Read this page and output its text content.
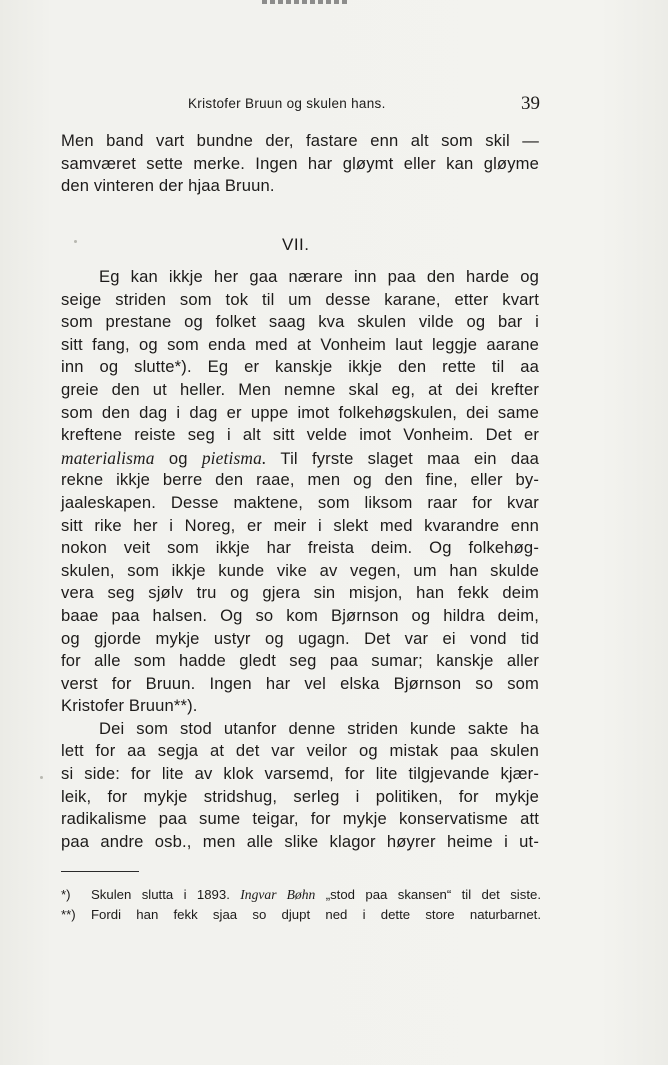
Kristofer Bruun og skulen hans.	39
Men band vart bundne der, fastare enn alt som skil —
samværet sette merke. Ingen har gløymt eller kan gløyme
den vinteren der hjaa Bruun.
VII.
Eg kan ikkje her gaa nærare inn paa den harde og
seige striden som tok til um desse karane, etter kvart
som prestane og folket saag kva skulen vilde og bar i
sitt fang, og som enda med at Vonheim laut leggje aarane
inn og slutte*). Eg er kanskje ikkje den rette til aa
greie den ut heller. Men nemne skal eg, at dei krefter
som den dag i dag er uppe imot folkehøgskulen, dei same
kreftene reiste seg i alt sitt velde imot Vonheim. Det er
materialisma og pietisma. Til fyrste slaget maa ein daa
rekne ikkje berre den raae, men og den fine, eller by-
jaaleskapen. Desse maktene, som liksom raar for kvar
sitt rike her i Noreg, er meir i slekt med kvarandre enn
nokon veit som ikkje har freista deim. Og folkehøg-
skulen, som ikkje kunde vike av vegen, um han skulde
vera seg sjølv tru og gjera sin misjon, han fekk deim
baae paa halsen. Og so kom Bjørnson og hildra deim,
og gjorde mykje ustyr og ugagn. Det var ei vond tid
for alle som hadde gledt seg paa sumar; kanskje aller
verst for Bruun. Ingen har vel elska Bjørnson so som
Kristofer Bruun**).
Dei som stod utanfor denne striden kunde sakte ha
lett for aa segja at det var veilor og mistak paa skulen
si side: for lite av klok varsemd, for lite tilgjevande kjær-
leik, for mykje stridshug, serleg i politiken, for mykje
radikalisme paa sume teigar, for mykje konservatisme att
paa andre osb., men alle slike klagor høyrer heime i ut-
*) Skulen slutta i 1893. Ingvar Bøhn „stod paa skansen“ til det siste.
**) Fordi han fekk sjaa so djupt ned i dette store naturbarnet.
